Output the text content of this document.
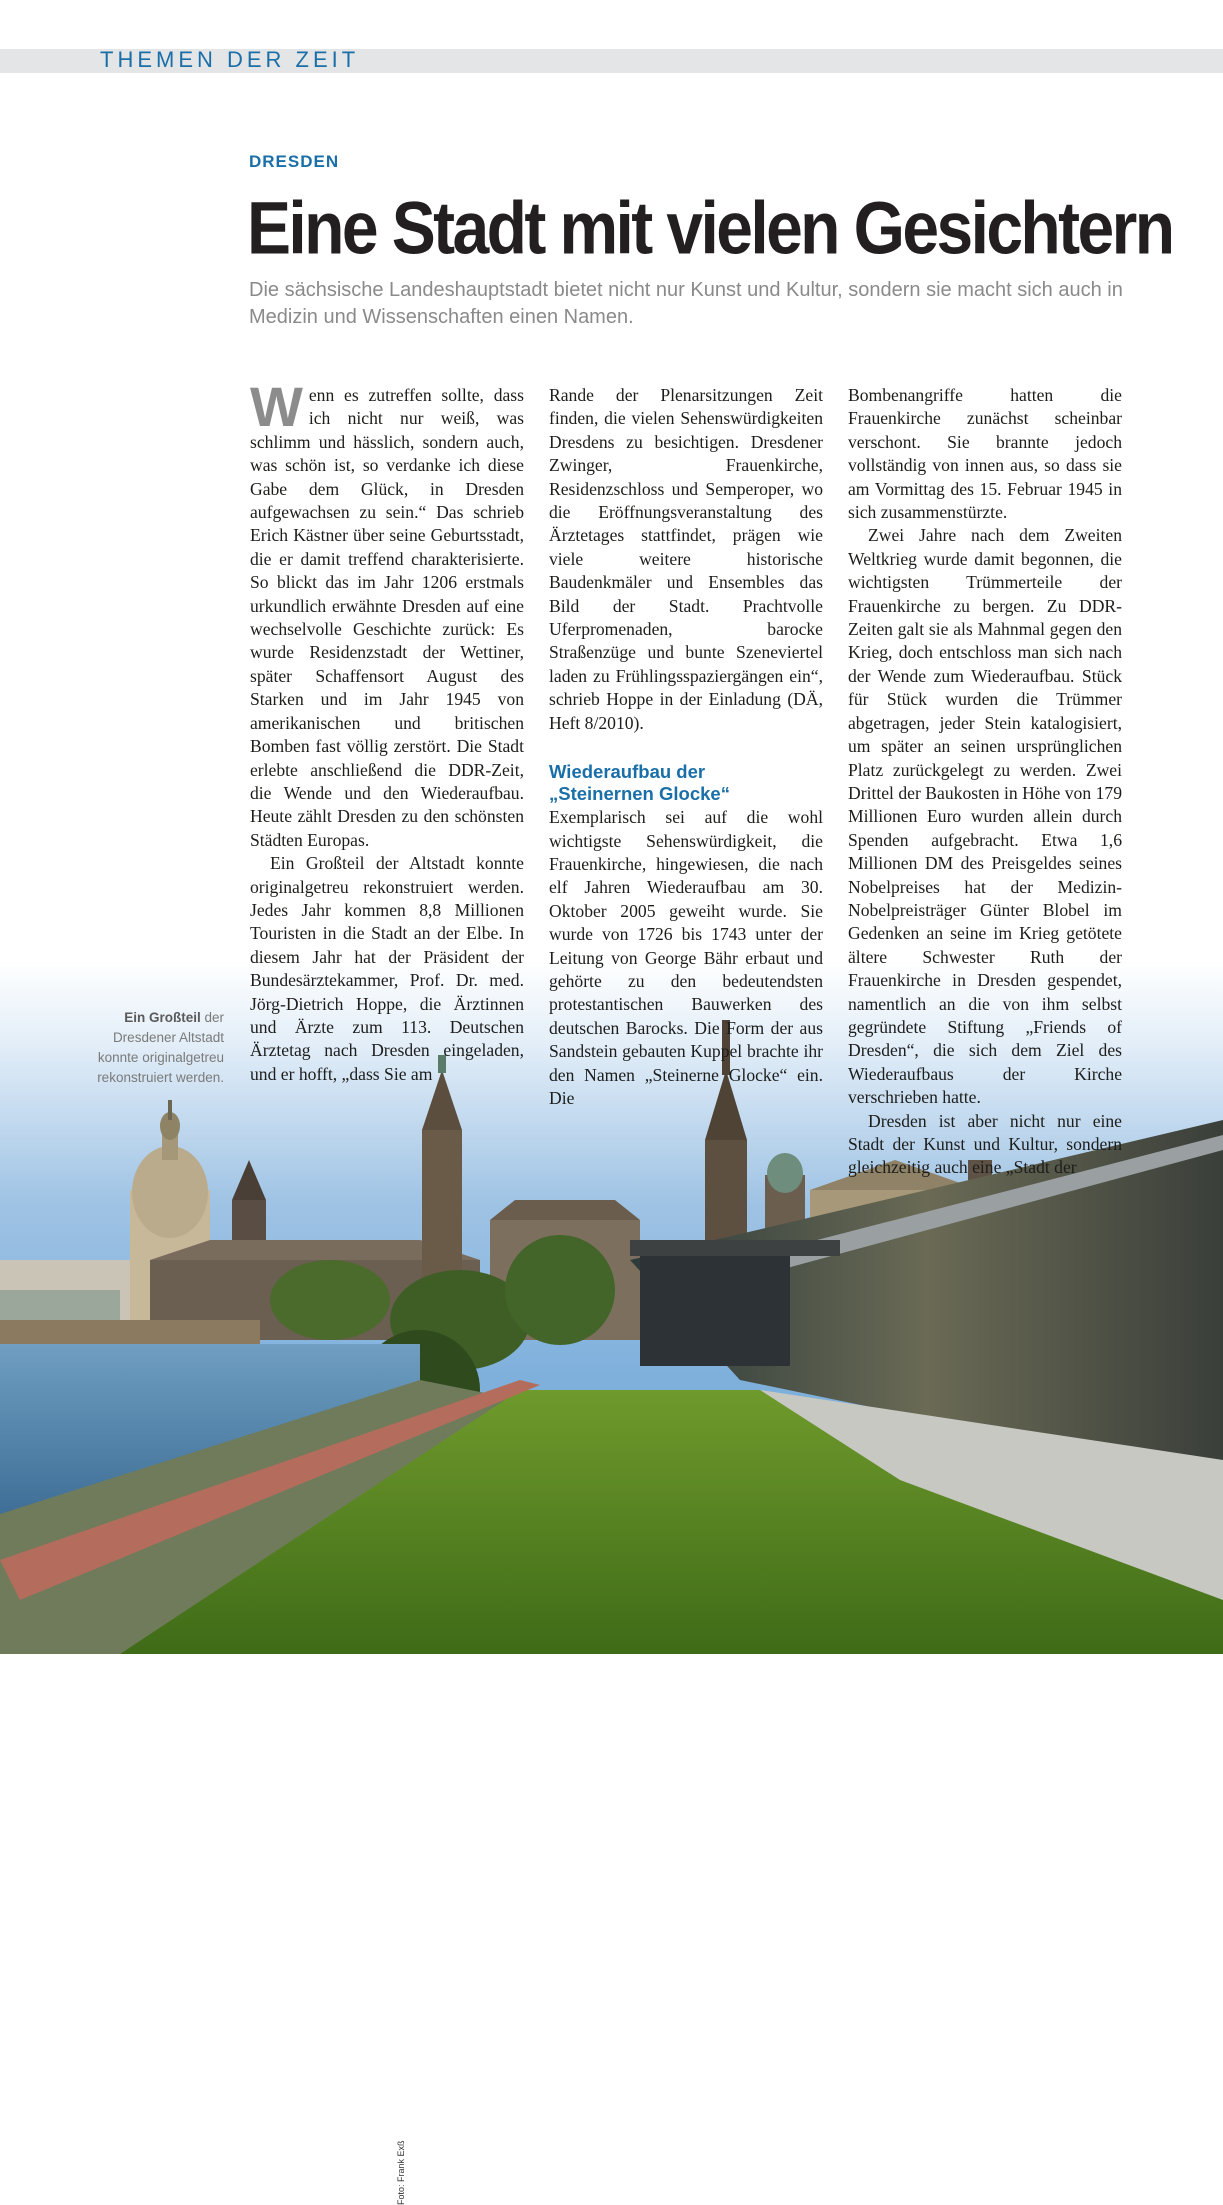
THEMEN DER ZEIT
DRESDEN
Eine Stadt mit vielen Gesichtern
Die sächsische Landeshauptstadt bietet nicht nur Kunst und Kultur, sondern sie macht sich auch in Medizin und Wissenschaften einen Namen.
Foto: Frank Exß
Ein Großteil der Dresdener Altstadt konnte originalgetreu rekonstruiert werden.

Wenn es zutreffen sollte, dass ich nicht nur weiß, was schlimm und hässlich, sondern auch, was schön ist, so verdanke ich diese Gabe dem Glück, in Dresden aufgewachsen zu sein.“ Das schrieb Erich Kästner über seine Geburtsstadt, die er damit treffend charakterisierte. So blickt das im Jahr 1206 erstmals urkundlich erwähnte Dresden auf eine wechselvolle Geschichte zurück: Es wurde Residenzstadt der Wettiner, später Schaffensort August des Starken und im Jahr 1945 von amerikanischen und britischen Bomben fast völlig zerstört. Die Stadt erlebte anschließend die DDR-Zeit, die Wende und den Wiederaufbau. Heute zählt Dresden zu den schönsten Städten Europas.

Ein Großteil der Altstadt konnte originalgetreu rekonstruiert werden. Jedes Jahr kommen 8,8 Millionen Touristen in die Stadt an der Elbe. In diesem Jahr hat der Präsident der Bundesärztekammer, Prof. Dr. med. Jörg-Dietrich Hoppe, die Ärztinnen und Ärzte zum 113. Deutschen Ärztetag nach Dresden eingeladen, und er hofft, „dass Sie am

Rande der Plenarsitzungen Zeit finden, die vielen Sehenswürdigkeiten Dresdens zu besichtigen. Dresdener Zwinger, Frauenkirche, Residenzschloss und Semperoper, wo die Eröffnungsveranstaltung des Ärztetages stattfindet, prägen wie viele weitere historische Baudenkmäler und Ensembles das Bild der Stadt. Prachtvolle Uferpromenaden, barocke Straßenzüge und bunte Szeneviertel laden zu Frühlingsspaziergängen ein“, schrieb Hoppe in der Einladung (DÄ, Heft 8/2010).

Wiederaufbau der
„Steinernen Glocke“

Exemplarisch sei auf die wohl wichtigste Sehenswürdigkeit, die Frauenkirche, hingewiesen, die nach elf Jahren Wiederaufbau am 30. Oktober 2005 geweiht wurde. Sie wurde von 1726 bis 1743 unter der Leitung von George Bähr erbaut und gehörte zu den bedeutendsten protestantischen Bauwerken des deutschen Barocks. Die Form der aus Sandstein gebauten Kuppel brachte ihr den Namen „Steinerne Glocke“ ein. Die

Bombenangriffe hatten die Frauenkirche zunächst scheinbar verschont. Sie brannte jedoch vollständig von innen aus, so dass sie am Vormittag des 15. Februar 1945 in sich zusammenstürzte.

Zwei Jahre nach dem Zweiten Weltkrieg wurde damit begonnen, die wichtigsten Trümmerteile der Frauenkirche zu bergen. Zu DDR-Zeiten galt sie als Mahnmal gegen den Krieg, doch entschloss man sich nach der Wende zum Wiederaufbau. Stück für Stück wurden die Trümmer abgetragen, jeder Stein katalogisiert, um später an seinen ursprünglichen Platz zurückgelegt zu werden. Zwei Drittel der Baukosten in Höhe von 179 Millionen Euro wurden allein durch Spenden aufgebracht. Etwa 1,6 Millionen DM des Preisgeldes seines Nobelpreises hat der Medizin-Nobelpreisträger Günter Blobel im Gedenken an seine im Krieg getötete ältere Schwester Ruth der Frauenkirche in Dresden gespendet, namentlich an die von ihm selbst gegründete Stiftung „Friends of Dresden“, die sich dem Ziel des Wiederaufbaus der Kirche verschrieben hatte.

Dresden ist aber nicht nur eine Stadt der Kunst und Kultur, sondern gleichzeitig auch eine „Stadt der
